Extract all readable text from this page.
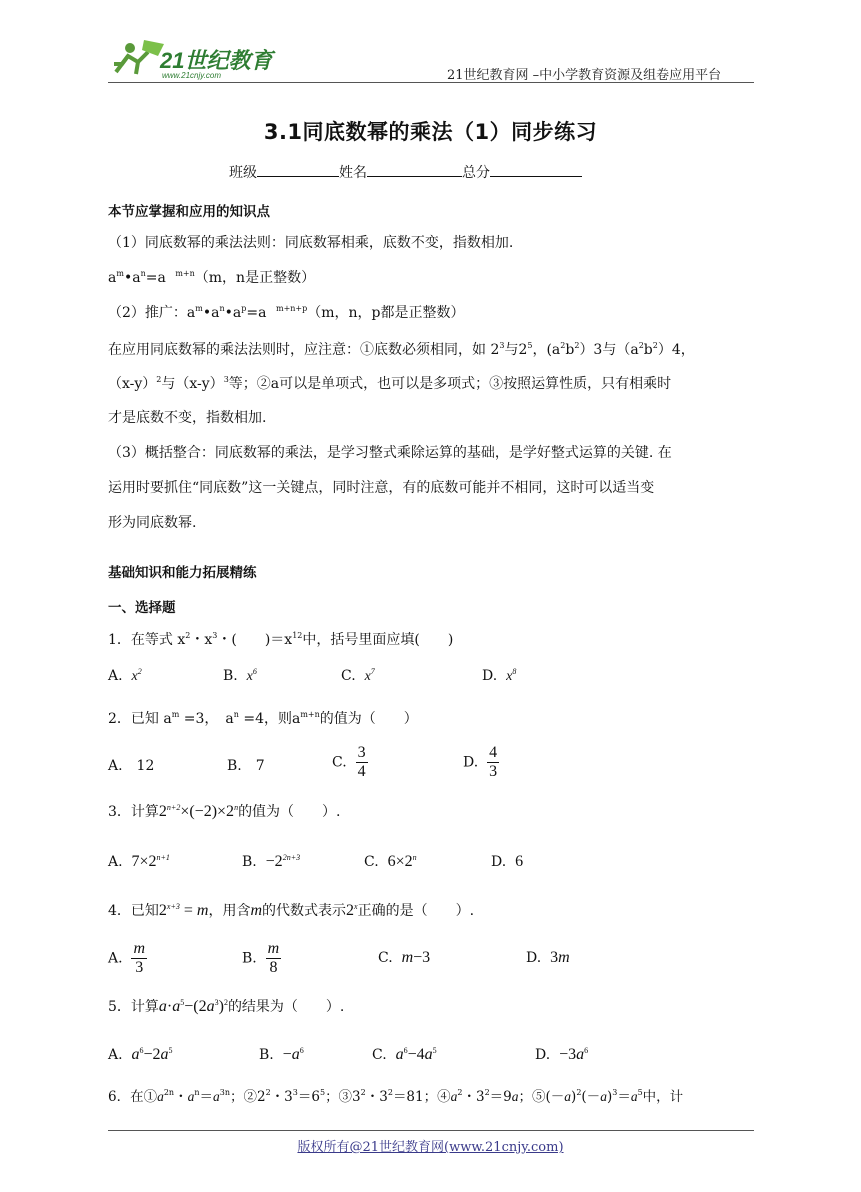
21世纪教育
www.21cnjy.com	21世纪教育网 –中小学教育资源及组卷应用平台
3.1同底数幂的乘法（1）同步练习
班级	姓名	总分
本节应掌握和应用的知识点
（1）同底数幂的乘法法则：同底数幂相乘，底数不变，指数相加.
$a^m•a^n=a$   $^{m+n}$（m，n是正整数）
（2）推广：$a^m•a^n•a^p=a$   $^{m+n+p}$（m，n，p都是正整数）
在应用同底数幂的乘法法则时，应注意：①底数必须相同，如 $2^3$与$2^5$，$(a^2b^2)3$与$(a^2b^2)4$，
$(x-y)^2$与$(x-y)^3$等；②a可以是单项式，也可以是多项式；③按照运算性质，只有相乘时
才是底数不变，指数相加.
（3）概括整合：同底数幂的乘法，是学习整式乘除运算的基础，是学好整式运算的关键. 在
运用时要抓住“同底数”这一关键点，同时注意，有的底数可能并不相同，这时可以适当变
形为同底数幂.
基础知识和能力拓展精练
一、选择题
1．在等式 $x^2$・$x^3$・(　　)$=x^{12}$中，括号里面应填(　　)
A. $x^2$	B. $x^6$	C. $x^7$	D. $x^8$
2．已知 $a^m =3$，　$a^n =4$，则$a^{m+n}$的值为（　　）
A.　12	B.　7	C. $\frac{3}{4}$	D. $\frac{4}{3}$
3．计算$2^{n+2}\times(-2)\times 2^n$的值为（　　）.
A. $7\times 2^{n+1}$	B. $-2^{2n+3}$	C. $6\times 2^n$	D. 6
4．已知$2^{x+3} = m$，用含m的代数式表示2$^x$正确的是（　　）.
A. $\frac{m}{3}$	B. $\frac{m}{8}$	C. m−3	D. 3m
5．计算$a\cdot a^5-(2a^3)^2$的结果为（　　）.
A. $a^6-2a^5$	B. $-a^6$	C. $a^6-4a^5$	D. $-3a^6$
6．在$①a^{2n}$・$a^n=a^{3n}$；$②2^2$・$3^3=6^5$；$③3^2$・$3^2=81$；$④a^2$・$3^2=9a$；$⑤(-a)^2(-a)^3=a^5$中，计
版权所有@21世纪教育网(www.21cnjy.com)
